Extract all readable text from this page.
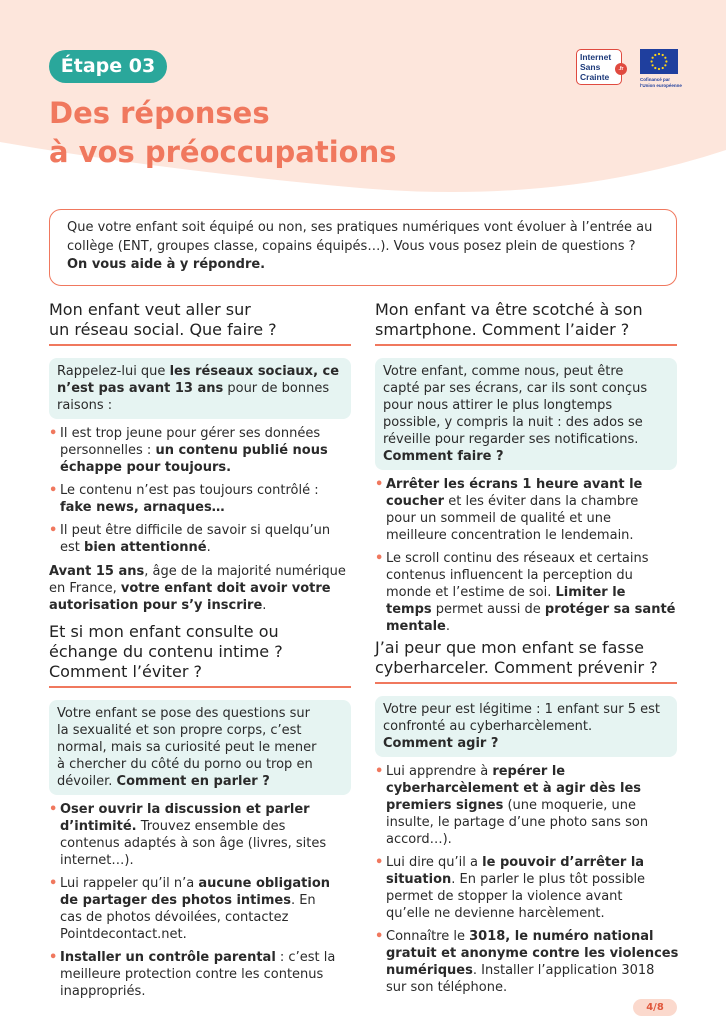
Étape 03
Des réponses
à vos préoccupations
Internet
Sans
Crainte
.fr
Cofinancé par
l'Union européenne
Que votre enfant soit équipé ou non, ses pratiques numériques vont évoluer à l’entrée au
collège (ENT, groupes classe, copains équipés…). Vous vous posez plein de questions ?
On vous aide à y répondre.
Mon enfant veut aller sur
un réseau social. Que faire ?
Rappelez-lui que les réseaux sociaux, ce
n’est pas avant 13 ans pour de bonnes
raisons :
• Il est trop jeune pour gérer ses données
personnelles : un contenu publié nous
échappe pour toujours.
• Le contenu n’est pas toujours contrôlé :
fake news, arnaques…
• Il peut être difficile de savoir si quelqu’un
est bien attentionné.

Avant 15 ans, âge de la majorité numérique
en France, votre enfant doit avoir votre
autorisation pour s’y inscrire.

Et si mon enfant consulte ou
échange du contenu intime ?
Comment l’éviter ?
Votre enfant se pose des questions sur
la sexualité et son propre corps, c’est
normal, mais sa curiosité peut le mener
à chercher du côté du porno ou trop en
dévoiler. Comment en parler ?
• Oser ouvrir la discussion et parler
d’intimité. Trouvez ensemble des
contenus adaptés à son âge (livres, sites
internet…).
• Lui rappeler qu’il n’a aucune obligation
de partager des photos intimes. En
cas de photos dévoilées, contactez
Pointdecontact.net.
• Installer un contrôle parental : c’est la
meilleure protection contre les contenus
inappropriés.
Mon enfant va être scotché à son
smartphone. Comment l’aider ?
Votre enfant, comme nous, peut être
capté par ses écrans, car ils sont conçus
pour nous attirer le plus longtemps
possible, y compris la nuit : des ados se
réveille pour regarder ses notifications.
Comment faire ?
• Arrêter les écrans 1 heure avant le
coucher et les éviter dans la chambre
pour un sommeil de qualité et une
meilleure concentration le lendemain.
• Le scroll continu des réseaux et certains
contenus influencent la perception du
monde et l’estime de soi. Limiter le
temps permet aussi de protéger sa santé
mentale.
J’ai peur que mon enfant se fasse
cyberharceler. Comment prévenir ?
Votre peur est légitime : 1 enfant sur 5 est
confronté au cyberharcèlement.
Comment agir ?
• Lui apprendre à repérer le
cyberharcèlement et à agir dès les
premiers signes (une moquerie, une
insulte, le partage d’une photo sans son
accord…).
• Lui dire qu’il a le pouvoir d’arrêter la
situation. En parler le plus tôt possible
permet de stopper la violence avant
qu’elle ne devienne harcèlement.
• Connaître le 3018, le numéro national
gratuit et anonyme contre les violences
numériques. Installer l’application 3018
sur son téléphone.
4/8
